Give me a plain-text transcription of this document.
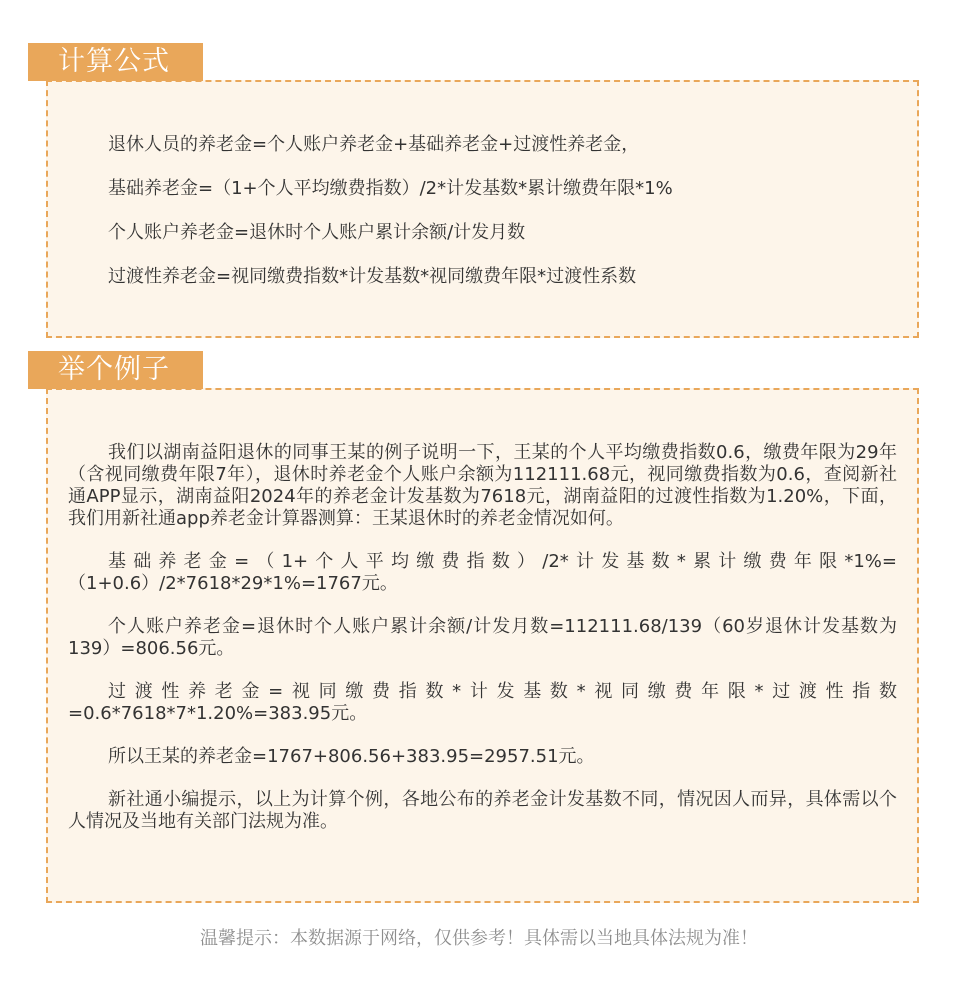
计算公式

退休人员的养老金=个人账户养老金+基础养老金+过渡性养老金，

基础养老金=（1+个人平均缴费指数）/2*计发基数*累计缴费年限*1%

个人账户养老金=退休时个人账户累计余额/计发月数

过渡性养老金=视同缴费指数*计发基数*视同缴费年限*过渡性系数

举个例子

我们以湖南益阳退休的同事王某的例子说明一下，王某的个人平均缴费指数0.6，缴费年限为29年（含视同缴费年限7年），退休时养老金个人账户余额为112111.68元，视同缴费指数为0.6，查阅新社通APP显示，湖南益阳2024年的养老金计发基数为7618元，湖南益阳的过渡性指数为1.20%，下面，我们用新社通app养老金计算器测算：王某退休时的养老金情况如何。

基础养老金=（1+个人平均缴费指数）/2*计发基数*累计缴费年限*1%=（1+0.6）/2*7618*29*1%=1767元。

个人账户养老金=退休时个人账户累计余额/计发月数=112111.68/139（60岁退休计发基数为139）=806.56元。

过渡性养老金=视同缴费指数*计发基数*视同缴费年限*过渡性指数=0.6*7618*7*1.20%=383.95元。

所以王某的养老金=1767+806.56+383.95=2957.51元。

新社通小编提示，以上为计算个例，各地公布的养老金计发基数不同，情况因人而异，具体需以个人情况及当地有关部门法规为准。

温馨提示：本数据源于网络，仅供参考！具体需以当地具体法规为准！
